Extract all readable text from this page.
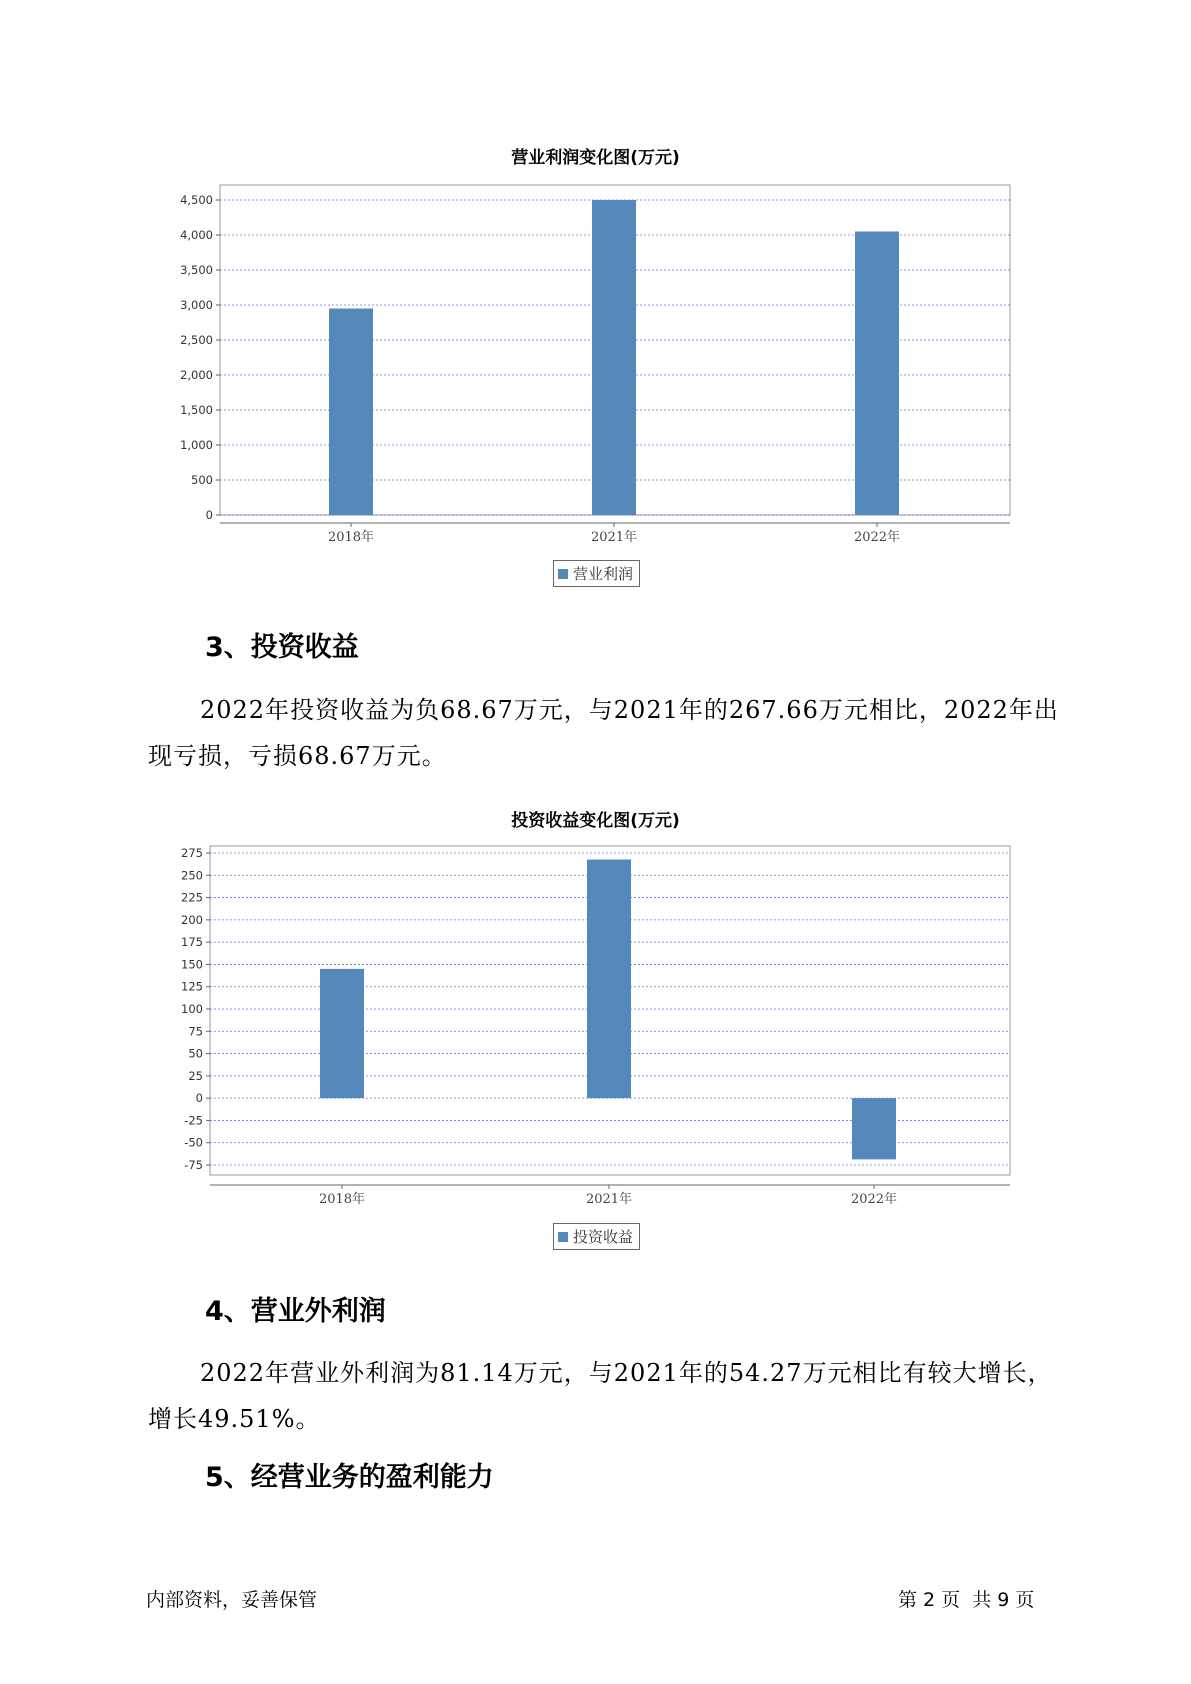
营业利润变化图(万元)
0
500
1,000
1,500
2,000
2,500
3,000
3,500
4,000
4,500
2018年	2021年	2022年
营业利润
3、投资收益
2022年投资收益为负68.67万元，与2021年的267.66万元相比，2022年出现亏损，亏损68.67万元。
投资收益变化图(万元)
-75
-50
-25
0
25
50
75
100
125
150
175
200
225
250
275
2018年	2021年	2022年
投资收益
4、营业外利润
2022年营业外利润为81.14万元，与2021年的54.27万元相比有较大增长，增长49.51%。
5、经营业务的盈利能力
内部资料，妥善保管	第 2 页  共 9 页
